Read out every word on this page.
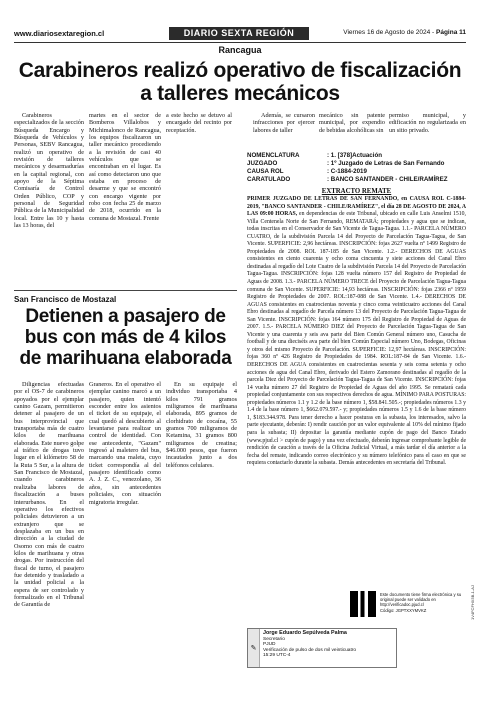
www.diariosextaregion.cl	DIARIO SEXTA REGIÓN	Viernes 16 de Agosto de 2024 - Página 11
Rancagua
Carabineros realizó operativo de fiscalización a talleres mecánicos

Carabineros especializados de la sección Búsqueda Encargo y Búsqueda de Vehículos y Personas, SEBV Rancagua, realizó un operativo de revisión de talleres mecánicos y desarmadurías en la capital regional, con apoyo de la Séptima Comisaría de Control Orden Público, COP y personal de Seguridad Pública de la Municipalidad local. Entre las 10 y hasta las 13 horas, del

martes en el sector de Bomberos Villalobos y Michimalonco de Rancagua, los equipos fiscalizaron un taller mecánico procediendo a la revisión de casi 40 vehículos que se encontraban en el lugar. Es así como detectaron uno que estaba en proceso de desarme y que se encontró con encargo vigente por robo con fecha 25 de marzo de 2018, ocurrido en la comuna de Mostazal. Frente

a este hecho se detuvo al encargado del recinto por receptación.

Además, se cursaron infracciones por ejercer labores de taller

mecánico sin patente municipal, por expendio de bebidas alcohólicas sin

permiso municipal, y edificación no regularizada en un sitio privado.

San Francisco de Mostazal
Detienen a pasajero de bus con más de 4 kilos de marihuana elaborada

Diligencias efectuadas por el OS-7 de carabineros apoyados por el ejemplar canino Gazam, permitieron detener al pasajero de un bus interprovincial que transportaba más de cuatro kilos de marihuana elaborada. Este nuevo golpe al tráfico de drogas tuvo lugar en el kilómetro 58 de la Ruta 5 Sur, a la altura de San Francisco de Mostazal, cuando carabineros realizaba labores de fiscalización a buses interurbanos. En el operativo los efectivos policiales detuvieron a un extranjero que se desplazaba en un bus en dirección a la ciudad de Osorno con más de cuatro kilos de marihuana y otras drogas. Por instrucción del fiscal de turno, el pasajero fue detenido y trasladado a la unidad policial a la espera de ser controlado y formalizado en el Tribunal de Garantía de

Graneros. En el operativo el ejemplar canino marcó a un pasajero, quien intentó esconder entre los asientos el ticket de su equipaje, el cual quedó al descubierto al levantarse para realizar un control de identidad. Con ese antecedente, "Gazam" ingresó al maletero del bus, marcando una maleta, cuyo ticket correspondía al del pasajero identificado como A. J. Z. C., venezolano, 36 años, sin antecedentes policiales, con situación migratoria irregular.

En su equipaje el individuo transportaba 4 kilos 791 gramos miligramos de marihuana elaborada, 895 gramos de clorhidrato de cocaína, 55 gramos 700 miligramos de Ketamina, 31 gramos 800 miligramos de creatina; $46.000 pesos, que fueron incautados junto a dos teléfonos celulares.

NOMENCLATURA	: 1. [378]Actuación
JUZGADO	: 1º Juzgado de Letras de San Fernando
CAUSA ROL	: C-1884-2019
CARATULADO	: BANCO SANTANDER - CHILE/RAMÍREZ
EXTRACTO REMATE
PRIMER JUZGADO DE LETRAS DE SAN FERNANDO, en CAUSA ROL C-1884-2019, "BANCO SANTANDER - CHILE/RAMÍREZ", el día 28 DE AGOSTO DE 2024, A LAS 09:00 HORAS, en dependencias de este Tribunal, ubicado en calle Luis Anselmi 1510, Villa Centenela Norte de San Fernando, REMATARÁ; propiedades y agua que se indican, todas inscritas en el Conservador de San Vicente de Tagua-Tagua. 1.1.- PARCELA NÚMERO CUATRO, de la subdivisión Parcela 14 del Proyecto de Parcelación Tagua-Tagua, de San Vicente. SUPERFICIE: 2,96 hectáreas. INSCRIPCIÓN: fojas 2627 vuelta nº 1499 Registro de Propiedades de 2008. ROL 187-185 de San Vicente. 1.2.- DERECHOS DE AGUAS consistentes en ciento cuarenta y ocho coma cincuenta y siete acciones del Canal Ebro destinadas al regadío del Lote Cuatro de la subdivisión Parcela 14 del Proyecto de Parcelación Tagua-Tagua. INSCRIPCIÓN: fojas 128 vuelta número 157 del Registro de Propiedad de Aguas de 2008. 1.3.- PARCELA NÚMERO TRECE del Proyecto de Parcelación Tagua-Tagua comuna de San Vicente. SUPERFICIE: 14,93 hectáreas. INSCRIPCIÓN: fojas 2366 nº 1959 Registro de Propiedades de 2007. ROL:187-088 de San Vicente. 1.4.- DERECHOS DE AGUAS consistentes en cuatrocientas noventa y cinco coma veinticuatro acciones del Canal Ebro destinadas al regadío de Parcela número 13 del Proyecto de Parcelación Tagua-Tagua de San Vicente. INSCRIPCIÓN: fojas 164 número 175 del Registro de Propiedad de Aguas de 2007. 1.5.- PARCELA NÚMERO DIEZ del Proyecto de Parcelación Tagua-Tagua de San Vicente y una cuarenta y seis ava parte del Bien Común General número uno, Casucha de football y de una dieciséis ava parte del bien Común Especial número Uno, Bodegas, Oficinas y otros del mismo Proyecto de Parcelación. SUPERFICIE: 12,97 hectáreas. INSCRIPCIÓN: fojas 360 nº 426 Registro de Propiedades de 1984. ROL:187-84 de San Vicente. 1.6.- DERECHOS DE AGUA consistentes en cuatrocientas sesenta y seis coma setenta y ocho acciones de agua del Canal Ebro, derivado del Estero Zamorano destinadas al regadío de la parcela Diez del Proyecto de Parcelación Tagua-Tagua de San Vicente. INSCRIPCIÓN: fojas 14 vuelta número 27 del Registro de Propiedad de Aguas del año 1995. Se rematará cada propiedad conjuntamente con sus respectivos derechos de agua. MÍNIMO PARA POSTURAS: propiedades números 1.1 y 1.2 de la base número 1, $58.841.505.-; propiedades números 1.3 y 1.4 de la base número 1, $662.079.597.- y; propiedades números 1.5 y 1.6 de la base número 1, $183.344.978. Para tener derecho a hacer posturas en la subasta, los interesados, salvo la parte ejecutante, deberán: I) rendir caución por un valor equivalente al 10% del mínimo fijado para la subasta; II) depositar la garantía mediante cupón de pago del Banco Estado (www.pjud.cl > cupón de pago) y una vez efectuado, deberán ingresar comprobante legible de rendición de caución a través de la Oficina Judicial Virtual, a más tardar el día anterior a la fecha del remate, indicando correo electrónico y su número telefónico para el caso en que se requiera contactarlo durante la subasta. Demás antecedentes en secretaría del Tribunal.
Este documento tiene firma electrónica y su original puede ser validado en http://verificadoc.pjud.cl
Código: JGPTXXYMVKZ
✎
Jorge Eduardo Sepúlveda Palma
Secretario
PJUD
Verificación de pulso de dos mil veinticuatro
15:29 UTC-4
1V4FCFHX5B-1-AJ
